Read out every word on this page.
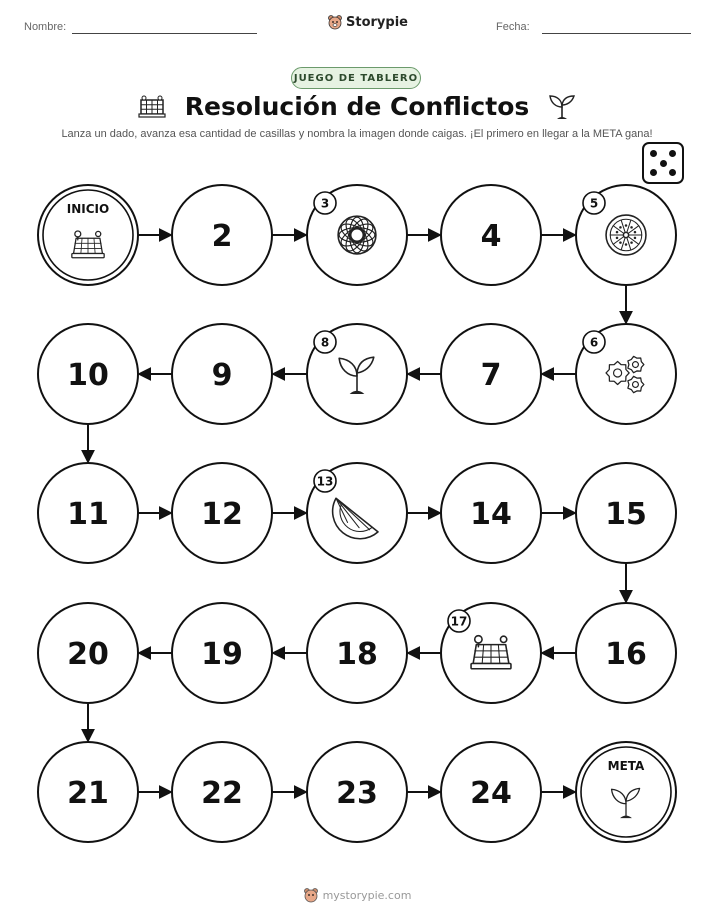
Nombre:	Storypie	Fecha:
JUEGO DE TABLERO
Resolución de Conflictos
Lanza un dado, avanza esa cantidad de casillas y nombra la imagen donde caigas. ¡El primero en llegar a la META gana!
INICIO
2
3
4
5
6
7
8
9
10
11	12
13
14	15
16
17
18
19
20
21	22	23	24
META
mystorypie.com
